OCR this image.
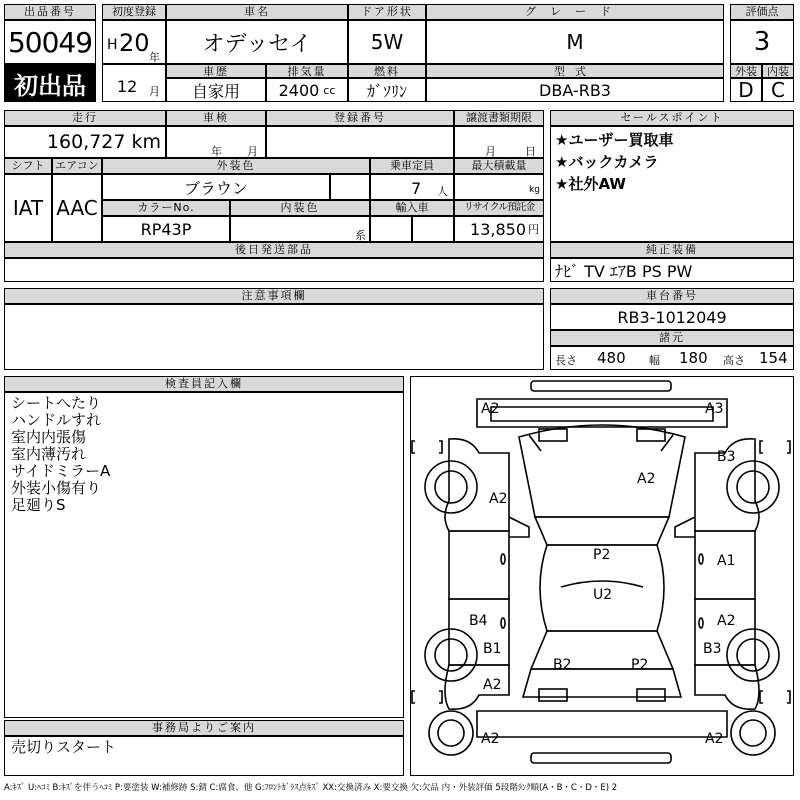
出品番号
50049
初出品
初度登録
H 20
年
12 月
車名
オデッセイ
ドア形状
5W
グレード
M
評価点
3
車歴
自家用
排気量
2400 cc
燃料
ｶﾞｿﾘﾝ
型式
DBA-RB3
外装 内装
D C
走行
160,727 km
車検
年 月
登録番号	譲渡書類期限
月	日
シフト
IAT
エアコン
AAC
外装色
ブラウン
乗車定員
7 人
最大積載量
kg
カラーNo.
RP43P
内装色
系
輸入車	リサイクル預託金
13,850 円
後日発送部品
セールスポイント
★ユーザー買取車
★バックカメラ
★社外AW
純正装備
ﾅﾋﾞ TV ｴｱB PS PW
注意事項欄	車台番号
RB3-1012049
諸元
長さ 480 幅 180 高さ 154
検査員記入欄
シートへたり
ハンドルすれ
室内内張傷
室内薄汚れ
サイドミラーA
外装小傷有り
足廻りS
事務局よりご案内
売切りスタート
A2	A3
B3
A2
A2
P2	A1
U2
B4	A2
B1	B3
B2	P2
A2
A2	A2
A:ｷｽﾞ U:ﾍｺﾐ B:ｷｽﾞを伴うﾍｺﾐ P:要塗装 W:補修跡 S:錆 C:腐食、他 G:ﾌﾛﾝﾄｶﾞﾗｽ点ｷｽﾞ XX:交換済み X:要交換 欠:欠品 内・外装評価 5段階ﾗﾝｸ順(A・B・C・D・E) 2
